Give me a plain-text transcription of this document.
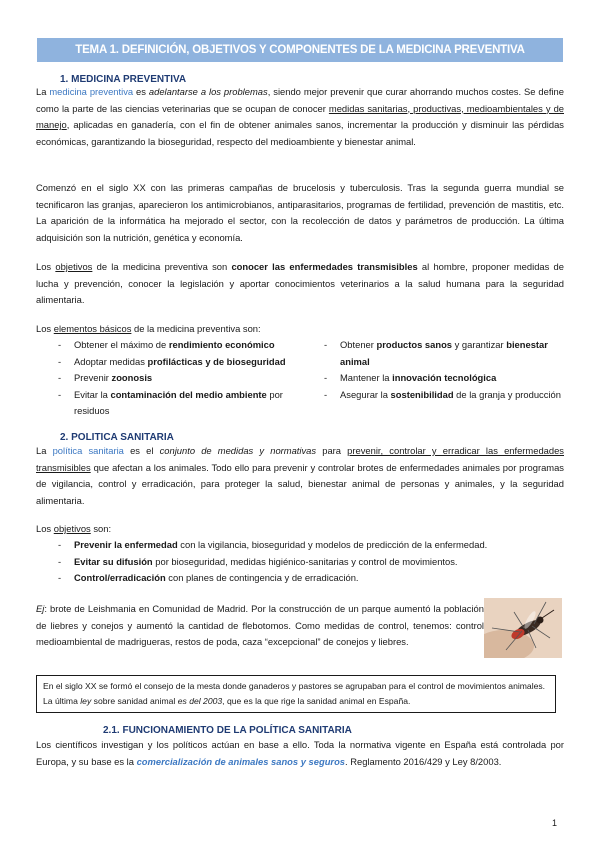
TEMA 1. DEFINICIÓN, OBJETIVOS Y COMPONENTES DE LA MEDICINA PREVENTIVA
1. MEDICINA PREVENTIVA

La medicina preventiva es adelantarse a los problemas, siendo mejor prevenir que curar ahorrando muchos costes. Se define como la parte de las ciencias veterinarias que se ocupan de conocer medidas sanitarias, productivas, medioambientales y de manejo, aplicadas en ganadería, con el fin de obtener animales sanos, incrementar la producción y disminuir las pérdidas económicas, garantizando la bioseguridad, respecto del medioambiente y bienestar animal.

Comenzó en el siglo XX con las primeras campañas de brucelosis y tuberculosis. Tras la segunda guerra mundial se tecnificaron las granjas, aparecieron los antimicrobianos, antiparasitarios, programas de fertilidad, prevención de mastitis, etc. La aparición de la informática ha mejorado el sector, con la recolección de datos y parámetros de producción. La última adquisición son la nutrición, genética y economía.

Los objetivos de la medicina preventiva son conocer las enfermedades transmisibles al hombre, proponer medidas de lucha y prevención, conocer la legislación y aportar conocimientos veterinarios a la salud humana para la seguridad alimentaria.

Los elementos básicos de la medicina preventiva son:

- Obtener el máximo de rendimiento económico
- Adoptar medidas profilácticas y de bioseguridad
- Prevenir zoonosis
- Evitar la contaminación del medio ambiente por residuos
- Obtener productos sanos y garantizar bienestar animal
- Mantener la innovación tecnológica
- Asegurar la sostenibilidad de la granja y producción
2. POLITICA SANITARIA

La política sanitaria es el conjunto de medidas y normativas para prevenir, controlar y erradicar las enfermedades transmisibles que afectan a los animales. Todo ello para prevenir y controlar brotes de enfermedades animales por programas de vigilancia, control y erradicación, para proteger la salud, bienestar animal de personas y animales, y la seguridad alimentaria.

Los objetivos son:

- Prevenir la enfermedad con la vigilancia, bioseguridad y modelos de predicción de la enfermedad.
- Evitar su difusión por bioseguridad, medidas higiénico-sanitarias y control de movimientos.
- Control/erradicación con planes de contingencia y de erradicación.

Ej: brote de Leishmania en Comunidad de Madrid. Por la construcción de un parque aumentó la población de liebres y conejos y aumentó la cantidad de flebotomos. Como medidas de control, tenemos: control medioambiental de madrigueras, restos de poda, caza “excepcional” de conejos y liebres.

En el siglo XX se formó el consejo de la mesta donde ganaderos y pastores se agrupaban para el control de movimientos animales. La última ley sobre sanidad animal es del 2003, que es la que rige la sanidad animal en España.
2.1. FUNCIONAMIENTO DE LA POLÍTICA SANITARIA

Los científicos investigan y los políticos actúan en base a ello. Toda la normativa vigente en España está controlada por Europa, y su base es la comercialización de animales sanos y seguros. Reglamento 2016/429 y Ley 8/2003.

1
